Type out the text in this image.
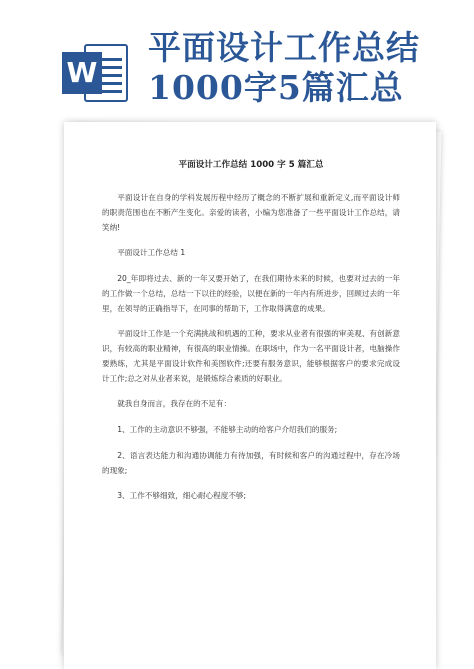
W
平面设计工作总结
1000字5篇汇总
平面设计工作总结 1000 字 5 篇汇总

平面设计在自身的学科发展历程中经历了概念的不断扩展和重新定义,而平面设计师的职责范围也在不断产生变化。亲爱的读者，小编为您准备了一些平面设计工作总结，请笑纳!

平面设计工作总结 1

20_年即将过去、新的一年又要开始了，在我们期待未来的时候，也要对过去的一年的工作做一个总结，总结一下以往的经验，以便在新的一年内有所进步，回顾过去的一年里，在领导的正确指导下，在同事的帮助下，工作取得满意的成果。

平面设计工作是一个充满挑战和机遇的工种，要求从业者有很强的审美观、有创新意识，有较高的职业精神，有很高的职业情操。在职场中，作为一名平面设计者，电脑操作要熟练，尤其是平面设计软件和美图软件;还要有服务意识，能够根据客户的要求完成设计工作;总之对从业者来说，是锻炼综合素质的好职业。

就我自身而言，我存在的不足有：

1、工作的主动意识不够强，不能够主动的给客户介绍我们的服务;

2、语言表达能力和沟通协调能力有待加强，有时候和客户的沟通过程中，存在冷场的现象;

3、工作不够细致，细心耐心程度不够;
